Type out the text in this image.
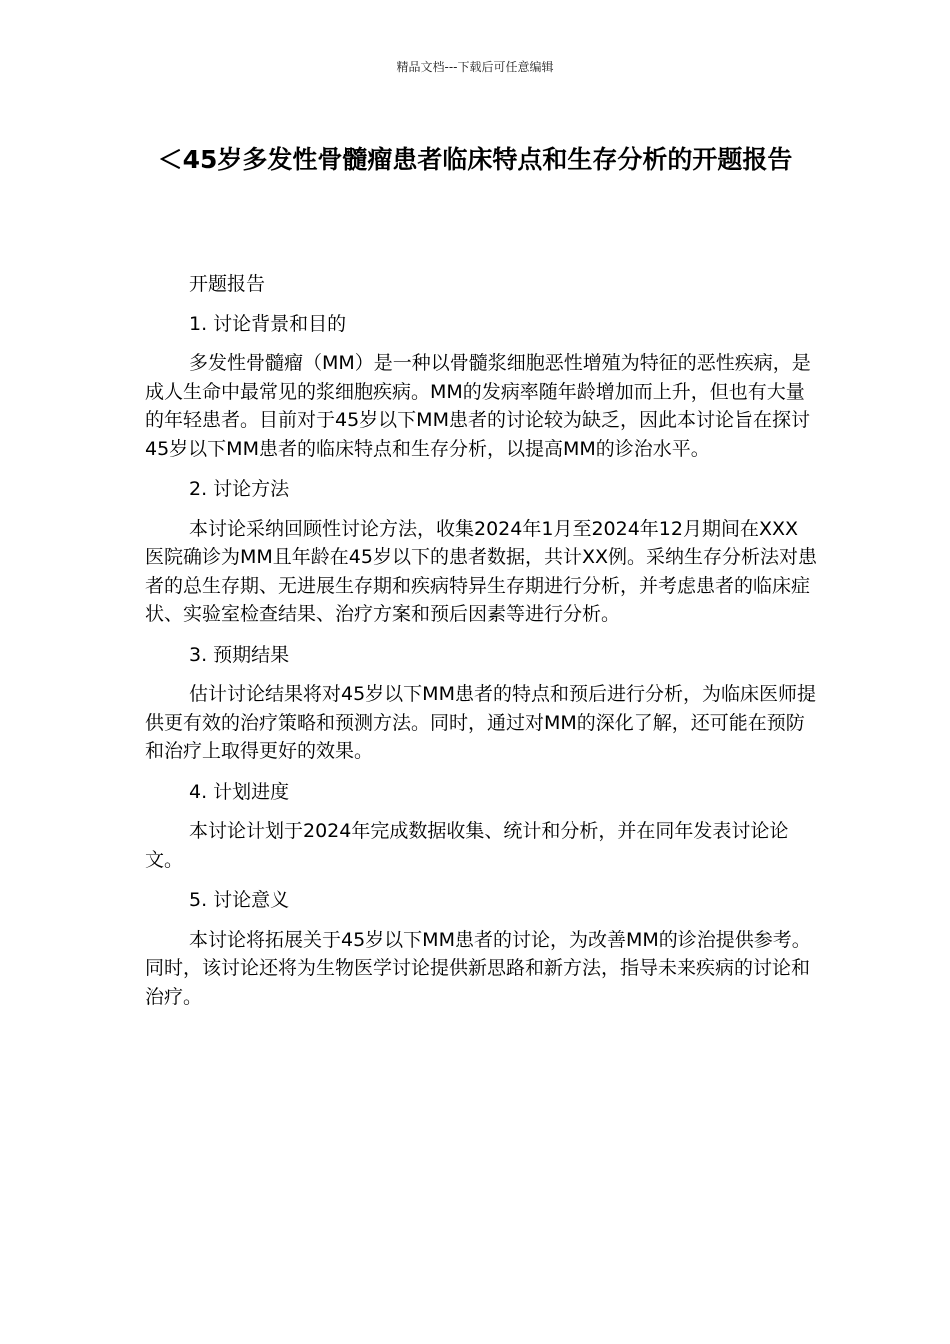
精品文档---下载后可任意编辑
＜45岁多发性骨髓瘤患者临床特点和生存分析的开题报告

开题报告

1. 讨论背景和目的

多发性骨髓瘤（MM）是一种以骨髓浆细胞恶性增殖为特征的恶性疾病，是成人生命中最常见的浆细胞疾病。MM的发病率随年龄增加而上升，但也有大量的年轻患者。目前对于45岁以下MM患者的讨论较为缺乏，因此本讨论旨在探讨45岁以下MM患者的临床特点和生存分析，以提高MM的诊治水平。

2. 讨论方法

本讨论采纳回顾性讨论方法，收集2024年1月至2024年12月期间在XXX医院确诊为MM且年龄在45岁以下的患者数据，共计XX例。采纳生存分析法对患者的总生存期、无进展生存期和疾病特异生存期进行分析，并考虑患者的临床症状、实验室检查结果、治疗方案和预后因素等进行分析。

3. 预期结果

估计讨论结果将对45岁以下MM患者的特点和预后进行分析，为临床医师提供更有效的治疗策略和预测方法。同时，通过对MM的深化了解，还可能在预防和治疗上取得更好的效果。

4. 计划进度

本讨论计划于2024年完成数据收集、统计和分析，并在同年发表讨论论文。

5. 讨论意义

本讨论将拓展关于45岁以下MM患者的讨论，为改善MM的诊治提供参考。同时，该讨论还将为生物医学讨论提供新思路和新方法，指导未来疾病的讨论和治疗。
